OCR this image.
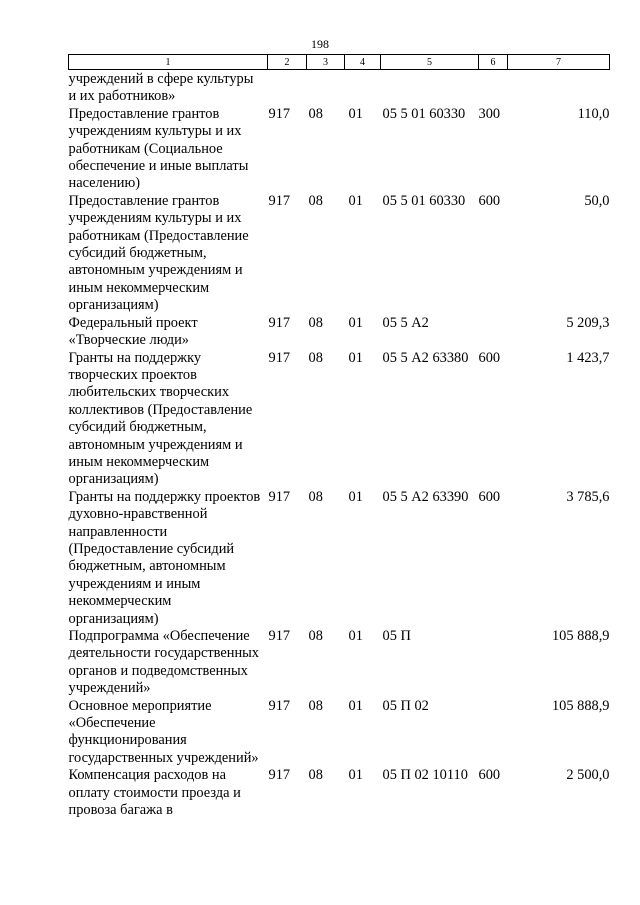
198
1	2	3	4	5	6	7
учреждений в сфере культуры и их работников»						
Предоставление грантов учреждениям культуры и их работникам (Социальное обеспечение и иные выплаты населению)	917	08	01	05 5 01 60330	300	110,0
Предоставление грантов учреждениям культуры и их работникам (Предоставление субсидий бюджетным, автономным учреждениям и иным некоммерческим организациям)	917	08	01	05 5 01 60330	600	50,0
Федеральный проект «Творческие люди»	917	08	01	05 5 А2		5 209,3
Гранты на поддержку творческих проектов любительских творческих коллективов (Предоставление субсидий бюджетным, автономным учреждениям и иным некоммерческим организациям)	917	08	01	05 5 А2 63380	600	1 423,7
Гранты на поддержку проектов духовно-нравственной направленности (Предоставление субсидий бюджетным, автономным учреждениям и иным некоммерческим организациям)	917	08	01	05 5 А2 63390	600	3 785,6
Подпрограмма «Обеспечение деятельности государственных органов и подведомственных учреждений»	917	08	01	05 П		105 888,9
Основное мероприятие «Обеспечение функционирования государственных учреждений»	917	08	01	05 П 02		105 888,9
Компенсация расходов на оплату стоимости проезда и провоза багажа в	917	08	01	05 П 02 10110	600	2 500,0
